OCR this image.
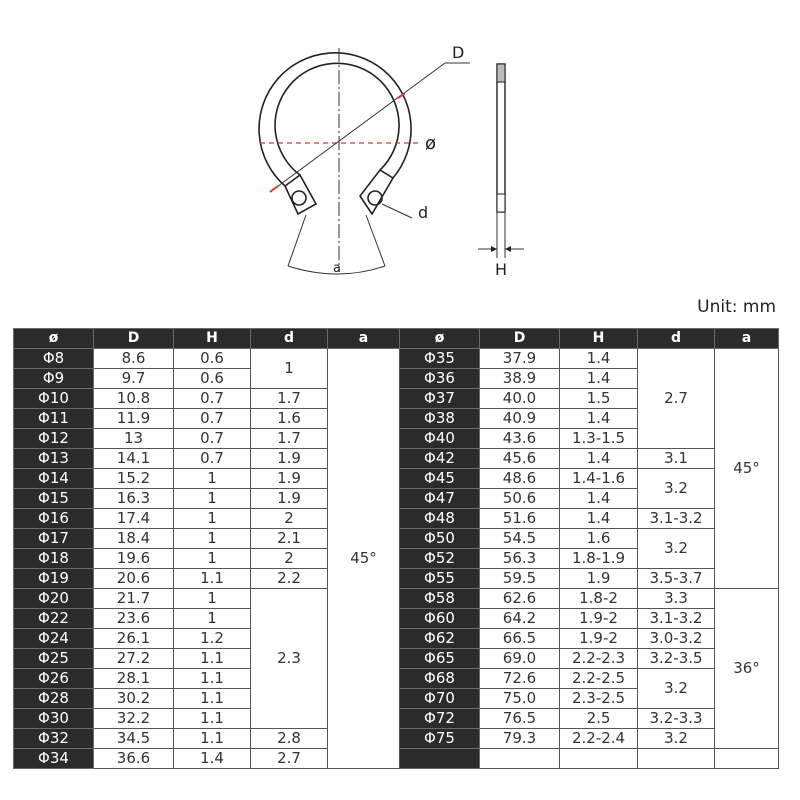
D
ø
d
a	H
Unit: mm
ø	D	H	d	a	ø	D	H	d	a
Φ8	8.6	0.6	1	45°	Φ35	37.9	1.4	2.7	45°
Φ9	9.7	0.6			Φ36	38.9	1.4		
Φ10	10.8	0.7	1.7		Φ37	40.0	1.5		
Φ11	11.9	0.7	1.6		Φ38	40.9	1.4		
Φ12	13	0.7	1.7		Φ40	43.6	1.3-1.5		
Φ13	14.1	0.7	1.9		Φ42	45.6	1.4	3.1	
Φ14	15.2	1	1.9		Φ45	48.6	1.4-1.6	3.2	
Φ15	16.3	1	1.9		Φ47	50.6	1.4		
Φ16	17.4	1	2		Φ48	51.6	1.4	3.1-3.2	
Φ17	18.4	1	2.1		Φ50	54.5	1.6	3.2	
Φ18	19.6	1	2		Φ52	56.3	1.8-1.9		
Φ19	20.6	1.1	2.2		Φ55	59.5	1.9	3.5-3.7	
Φ20	21.7	1	2.3		Φ58	62.6	1.8-2	3.3	36°
Φ22	23.6	1			Φ60	64.2	1.9-2	3.1-3.2	
Φ24	26.1	1.2			Φ62	66.5	1.9-2	3.0-3.2	
Φ25	27.2	1.1			Φ65	69.0	2.2-2.3	3.2-3.5	
Φ26	28.1	1.1			Φ68	72.6	2.2-2.5	3.2	
Φ28	30.2	1.1			Φ70	75.0	2.3-2.5		
Φ30	32.2	1.1			Φ72	76.5	2.5	3.2-3.3	
Φ32	34.5	1.1	2.8		Φ75	79.3	2.2-2.4	3.2	
Φ34	36.6	1.4	2.7						
